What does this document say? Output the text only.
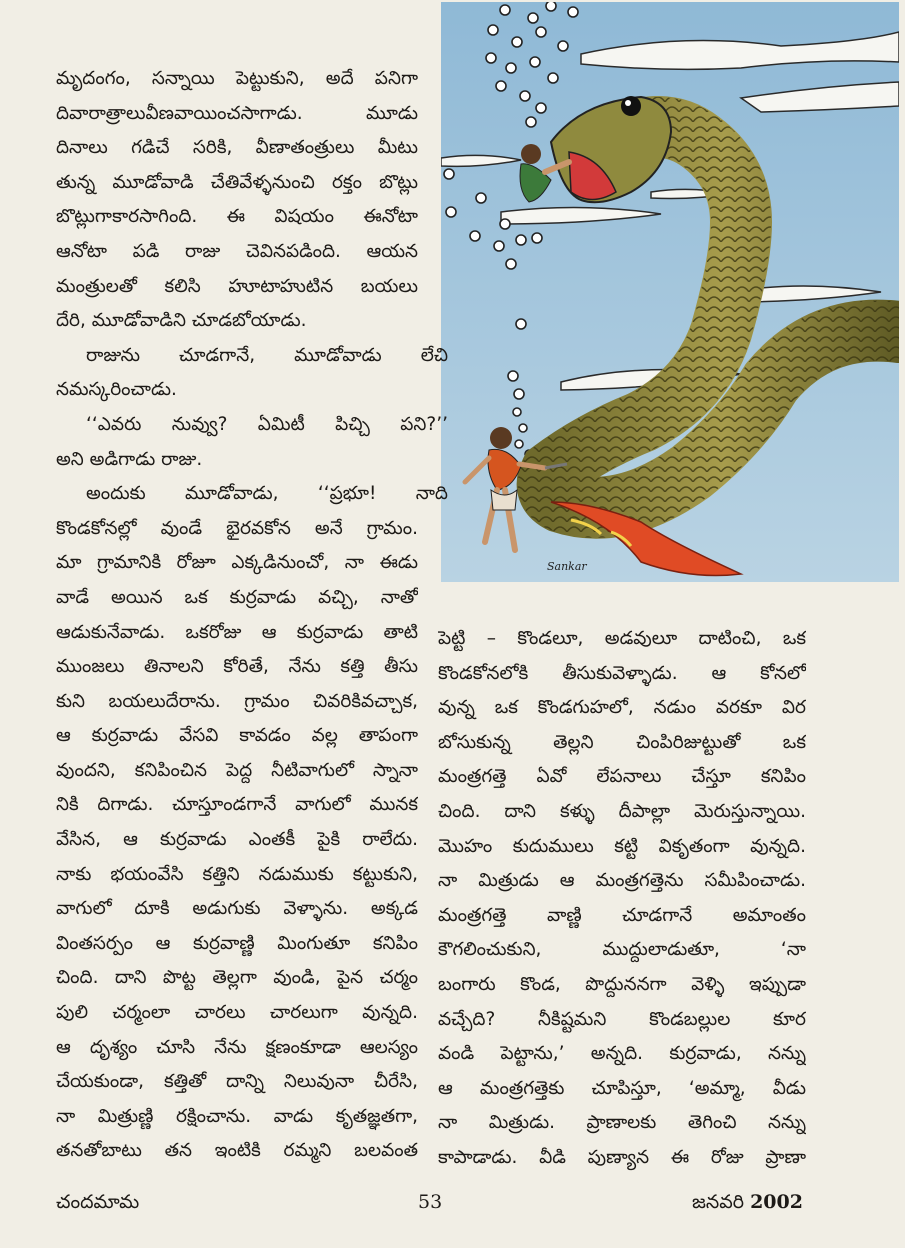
Sankar
మృదంగం, సన్నాయి పెట్టుకుని, అదే పనిగా
దివారాత్రాలువీణవాయించసాగాడు. మూడు
దినాలు గడిచే సరికి, వీణాతంత్రులు మీటు
తున్న మూడోవాడి చేతివేళ్ళనుంచి రక్తం బొట్లు
బొట్లుగాకారసాగింది. ఈ విషయం ఈనోటా
ఆనోటా పడి రాజు చెవినపడింది. ఆయన
మంత్రులతో కలిసి హూటాహుటిన బయలు
దేరి, మూడోవాడిని చూడబోయాడు.
రాజును చూడగానే, మూడోవాడు లేచి
నమస్కరించాడు.
‘‘ఎవరు నువ్వు? ఏమిటీ పిచ్చి పని?’’
అని అడిగాడు రాజు.
అందుకు మూడోవాడు, ‘‘ప్రభూ! నాది
కొండకోనల్లో వుండే భైరవకోన అనే గ్రామం.
మా గ్రామానికి రోజూ ఎక్కడినుంచో, నా ఈడు
వాడే అయిన ఒక కుర్రవాడు వచ్చి, నాతో
ఆడుకునేవాడు. ఒకరోజు ఆ కుర్రవాడు తాటి
ముంజలు తినాలని కోరితే, నేను కత్తి తీసు
కుని బయలుదేరాను. గ్రామం చివరికివచ్చాక,
ఆ కుర్రవాడు వేసవి కావడం వల్ల తాపంగా
వుందని, కనిపించిన పెద్ద నీటివాగులో స్నానా
నికి దిగాడు. చూస్తూండగానే వాగులో మునక
వేసిన, ఆ కుర్రవాడు ఎంతకీ పైకి రాలేదు.
నాకు భయంవేసి కత్తిని నడుముకు కట్టుకుని,
వాగులో దూకి అడుగుకు వెళ్ళాను. అక్కడ
వింతసర్పం ఆ కుర్రవాణ్ణి మింగుతూ కనిపిం
చింది. దాని పొట్ట తెల్లగా వుండి, పైన చర్మం
పులి చర్మంలా చారలు చారలుగా వున్నది.
ఆ దృశ్యం చూసి నేను క్షణంకూడా ఆలస్యం
చేయకుండా, కత్తితో దాన్ని నిలువునా చీరేసి,
నా మిత్రుణ్ణి రక్షించాను. వాడు కృతజ్ఞతగా,
తనతోబాటు తన ఇంటికి రమ్మని బలవంత
పెట్టి – కొండలూ, అడవులూ దాటించి, ఒక
కొండకోనలోకి తీసుకువెళ్ళాడు. ఆ కోనలో
వున్న ఒక కొండగుహలో, నడుం వరకూ విర
బోసుకున్న తెల్లని చింపిరిజుట్టుతో ఒక
మంత్రగత్తె ఏవో లేపనాలు చేస్తూ కనిపిం
చింది. దాని కళ్ళు దీపాల్లా మెరుస్తున్నాయి.
మొహం కుదుములు కట్టి వికృతంగా వున్నది.
నా మిత్రుడు ఆ మంత్రగత్తెను సమీపించాడు.
మంత్రగత్తె వాణ్ణి చూడగానే అమాంతం
కౌగలించుకుని, ముద్దులాడుతూ, ‘నా
బంగారు కొండ, పొద్దుననగా వెళ్ళి ఇప్పుడా
వచ్చేది? నీకిష్టమని కొండబల్లుల కూర
వండి పెట్టాను,’ అన్నది. కుర్రవాడు, నన్ను
ఆ మంత్రగత్తెకు చూపిస్తూ, ‘అమ్మా, వీడు
నా మిత్రుడు. ప్రాణాలకు తెగించి నన్ను
కాపాడాడు. వీడి పుణ్యాన ఈ రోజు ప్రాణా
చందమామ	53	జనవరి 2002
